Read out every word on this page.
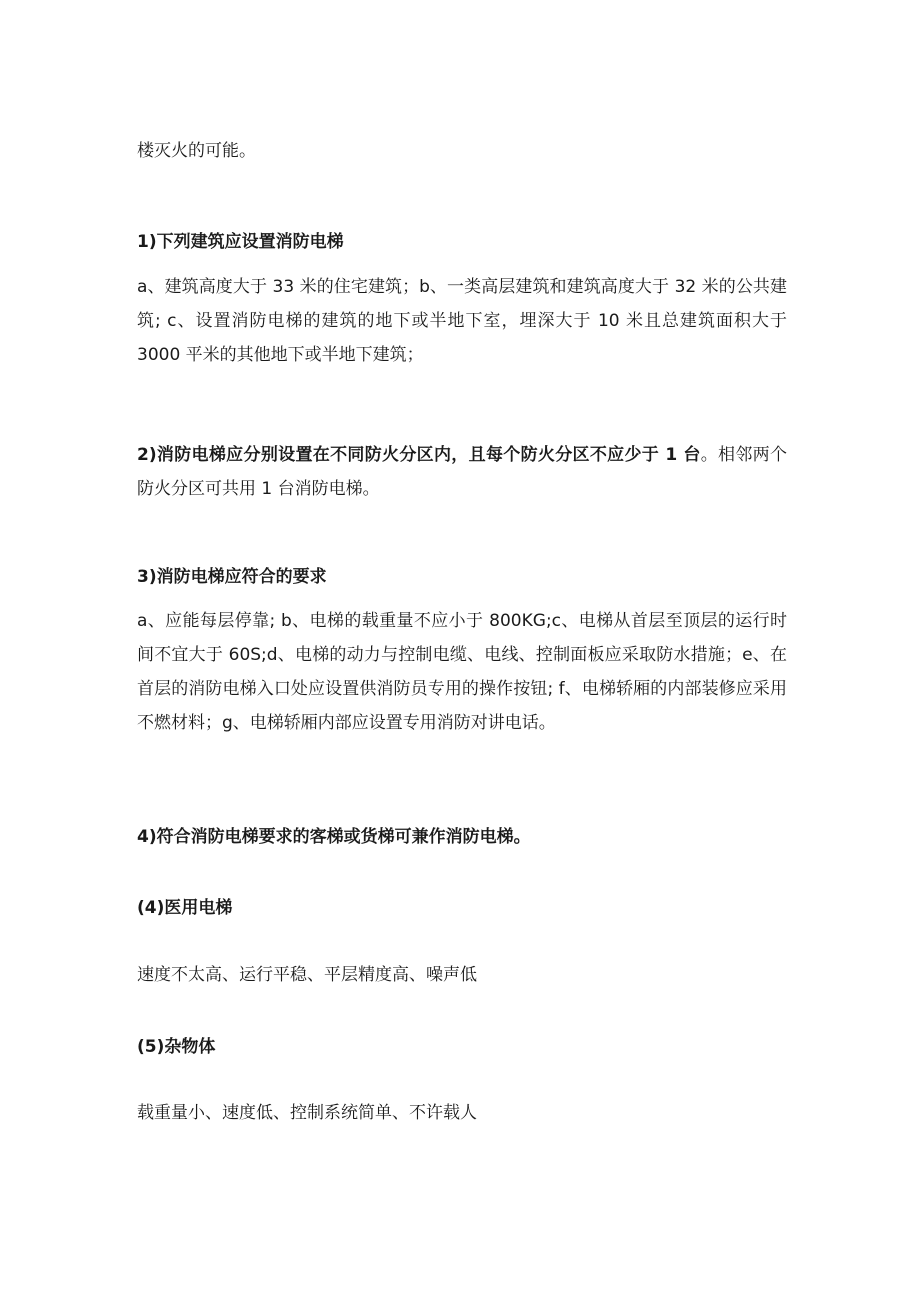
楼灭火的可能。

1)下列建筑应设置消防电梯

a、建筑高度大于 33 米的住宅建筑；b、一类高层建筑和建筑高度大于 32 米的公共建筑; c、设置消防电梯的建筑的地下或半地下室，埋深大于 10 米且总建筑面积大于 3000 平米的其他地下或半地下建筑；

2)消防电梯应分别设置在不同防火分区内，且每个防火分区不应少于 1 台。相邻两个防火分区可共用 1 台消防电梯。

3)消防电梯应符合的要求

a、应能每层停靠; b、电梯的载重量不应小于 800KG;c、电梯从首层至顶层的运行时间不宜大于 60S;d、电梯的动力与控制电缆、电线、控制面板应采取防水措施；e、在首层的消防电梯入口处应设置供消防员专用的操作按钮; f、电梯轿厢的内部装修应采用不燃材料；g、电梯轿厢内部应设置专用消防对讲电话。

4)符合消防电梯要求的客梯或货梯可兼作消防电梯。

(4)医用电梯

速度不太高、运行平稳、平层精度高、噪声低

(5)杂物体

载重量小、速度低、控制系统简单、不许载人
